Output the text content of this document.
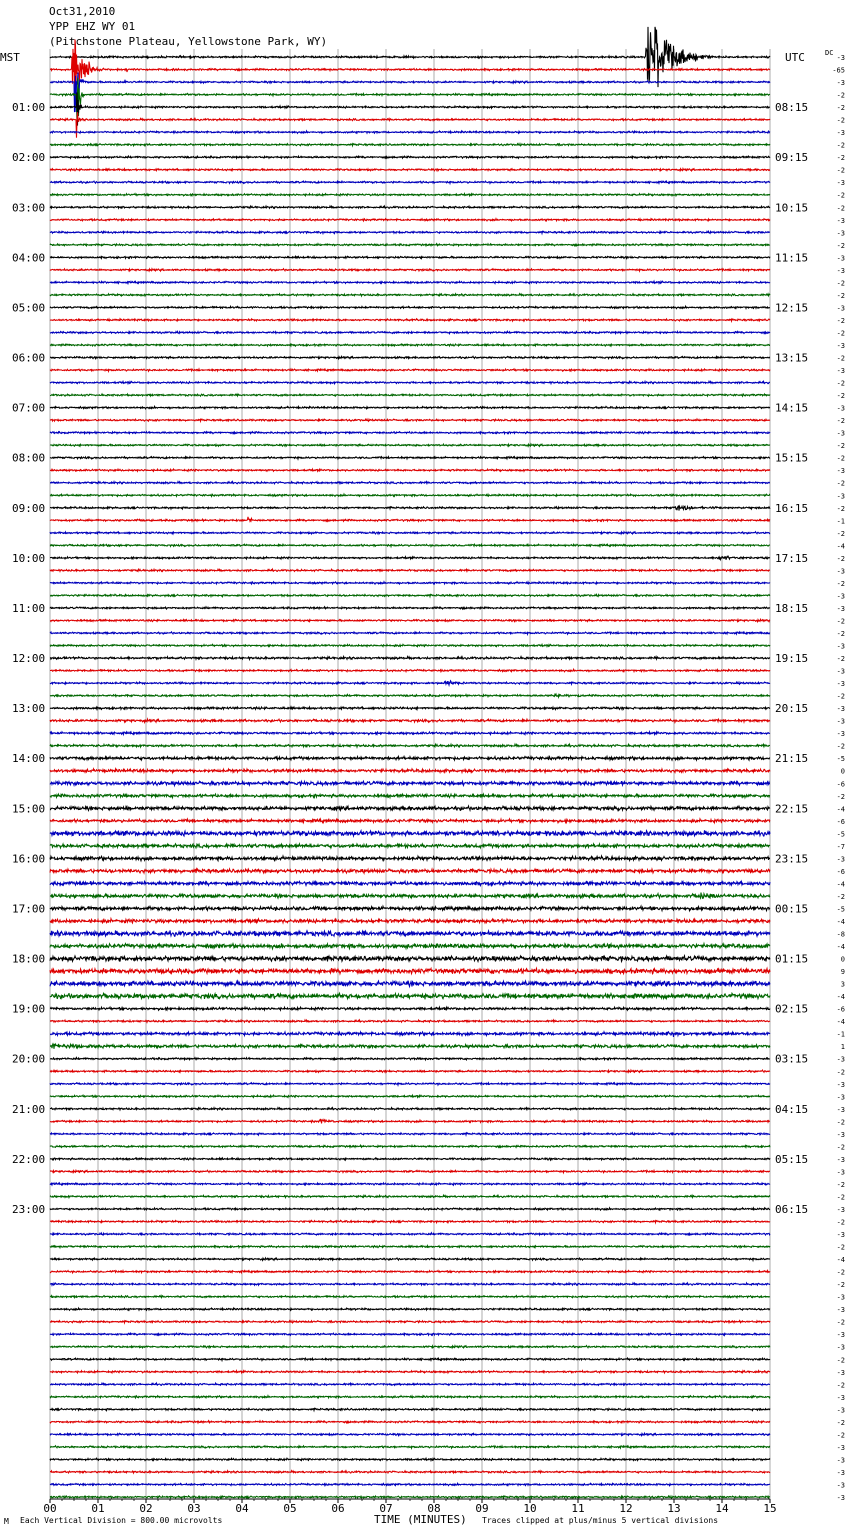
Oct31,2010
YPP EHZ WY 01
(Pitchstone Plateau, Yellowstone Park, WY)
MST	UTC	DC
01:00
02:00
03:00
04:00
05:00
06:00
07:00
08:00
09:00
10:00
11:00
12:00
13:00
14:00
15:00
16:00
17:00
18:00
19:00
20:00
21:00
22:00
23:00
08:15
09:15
10:15
11:15
12:15
13:15
14:15
15:15
16:15
17:15
18:15
19:15
20:15
21:15
22:15
23:15
00:15
01:15
02:15
03:15
04:15
05:15
06:15
-3
-65
-3
-2
-2
-2
-3
-2
-2
-2
-3
-2
-2
-3
-3
-2
-3
-3
-2
-2
-3
-2
-2
-3
-2
-3
-2
-2
-3
-2
-3
-2
-2
-3
-2
-3
-2
-1
-2
-4
-2
-3
-2
-3
-3
-2
-2
-3
-2
-3
-3
-2
-3
-3
-3
-2
-5
0
-6
-2
-4
-6
-5
-7
-3
-6
-4
-2
-5
-4
-8
-4
0
9
3
-4
-6
-4
-1
1
-3
-2
-3
-3
-3
-2
-3
-2
-3
-3
-2
-2
-3
-2
-3
-2
-4
-2
-2
-3
-3
-2
-3
-3
-2
-3
-2
-3
-3
-2
-2
-3
-3
-3
-3
-3
00	01	02	03	04	05	06	07	08	09	10	11	12	13	14	15
M Each Vertical Division = 800.00 microvolts	TIME (MINUTES) Traces clipped at plus/minus 5 vertical divisions
